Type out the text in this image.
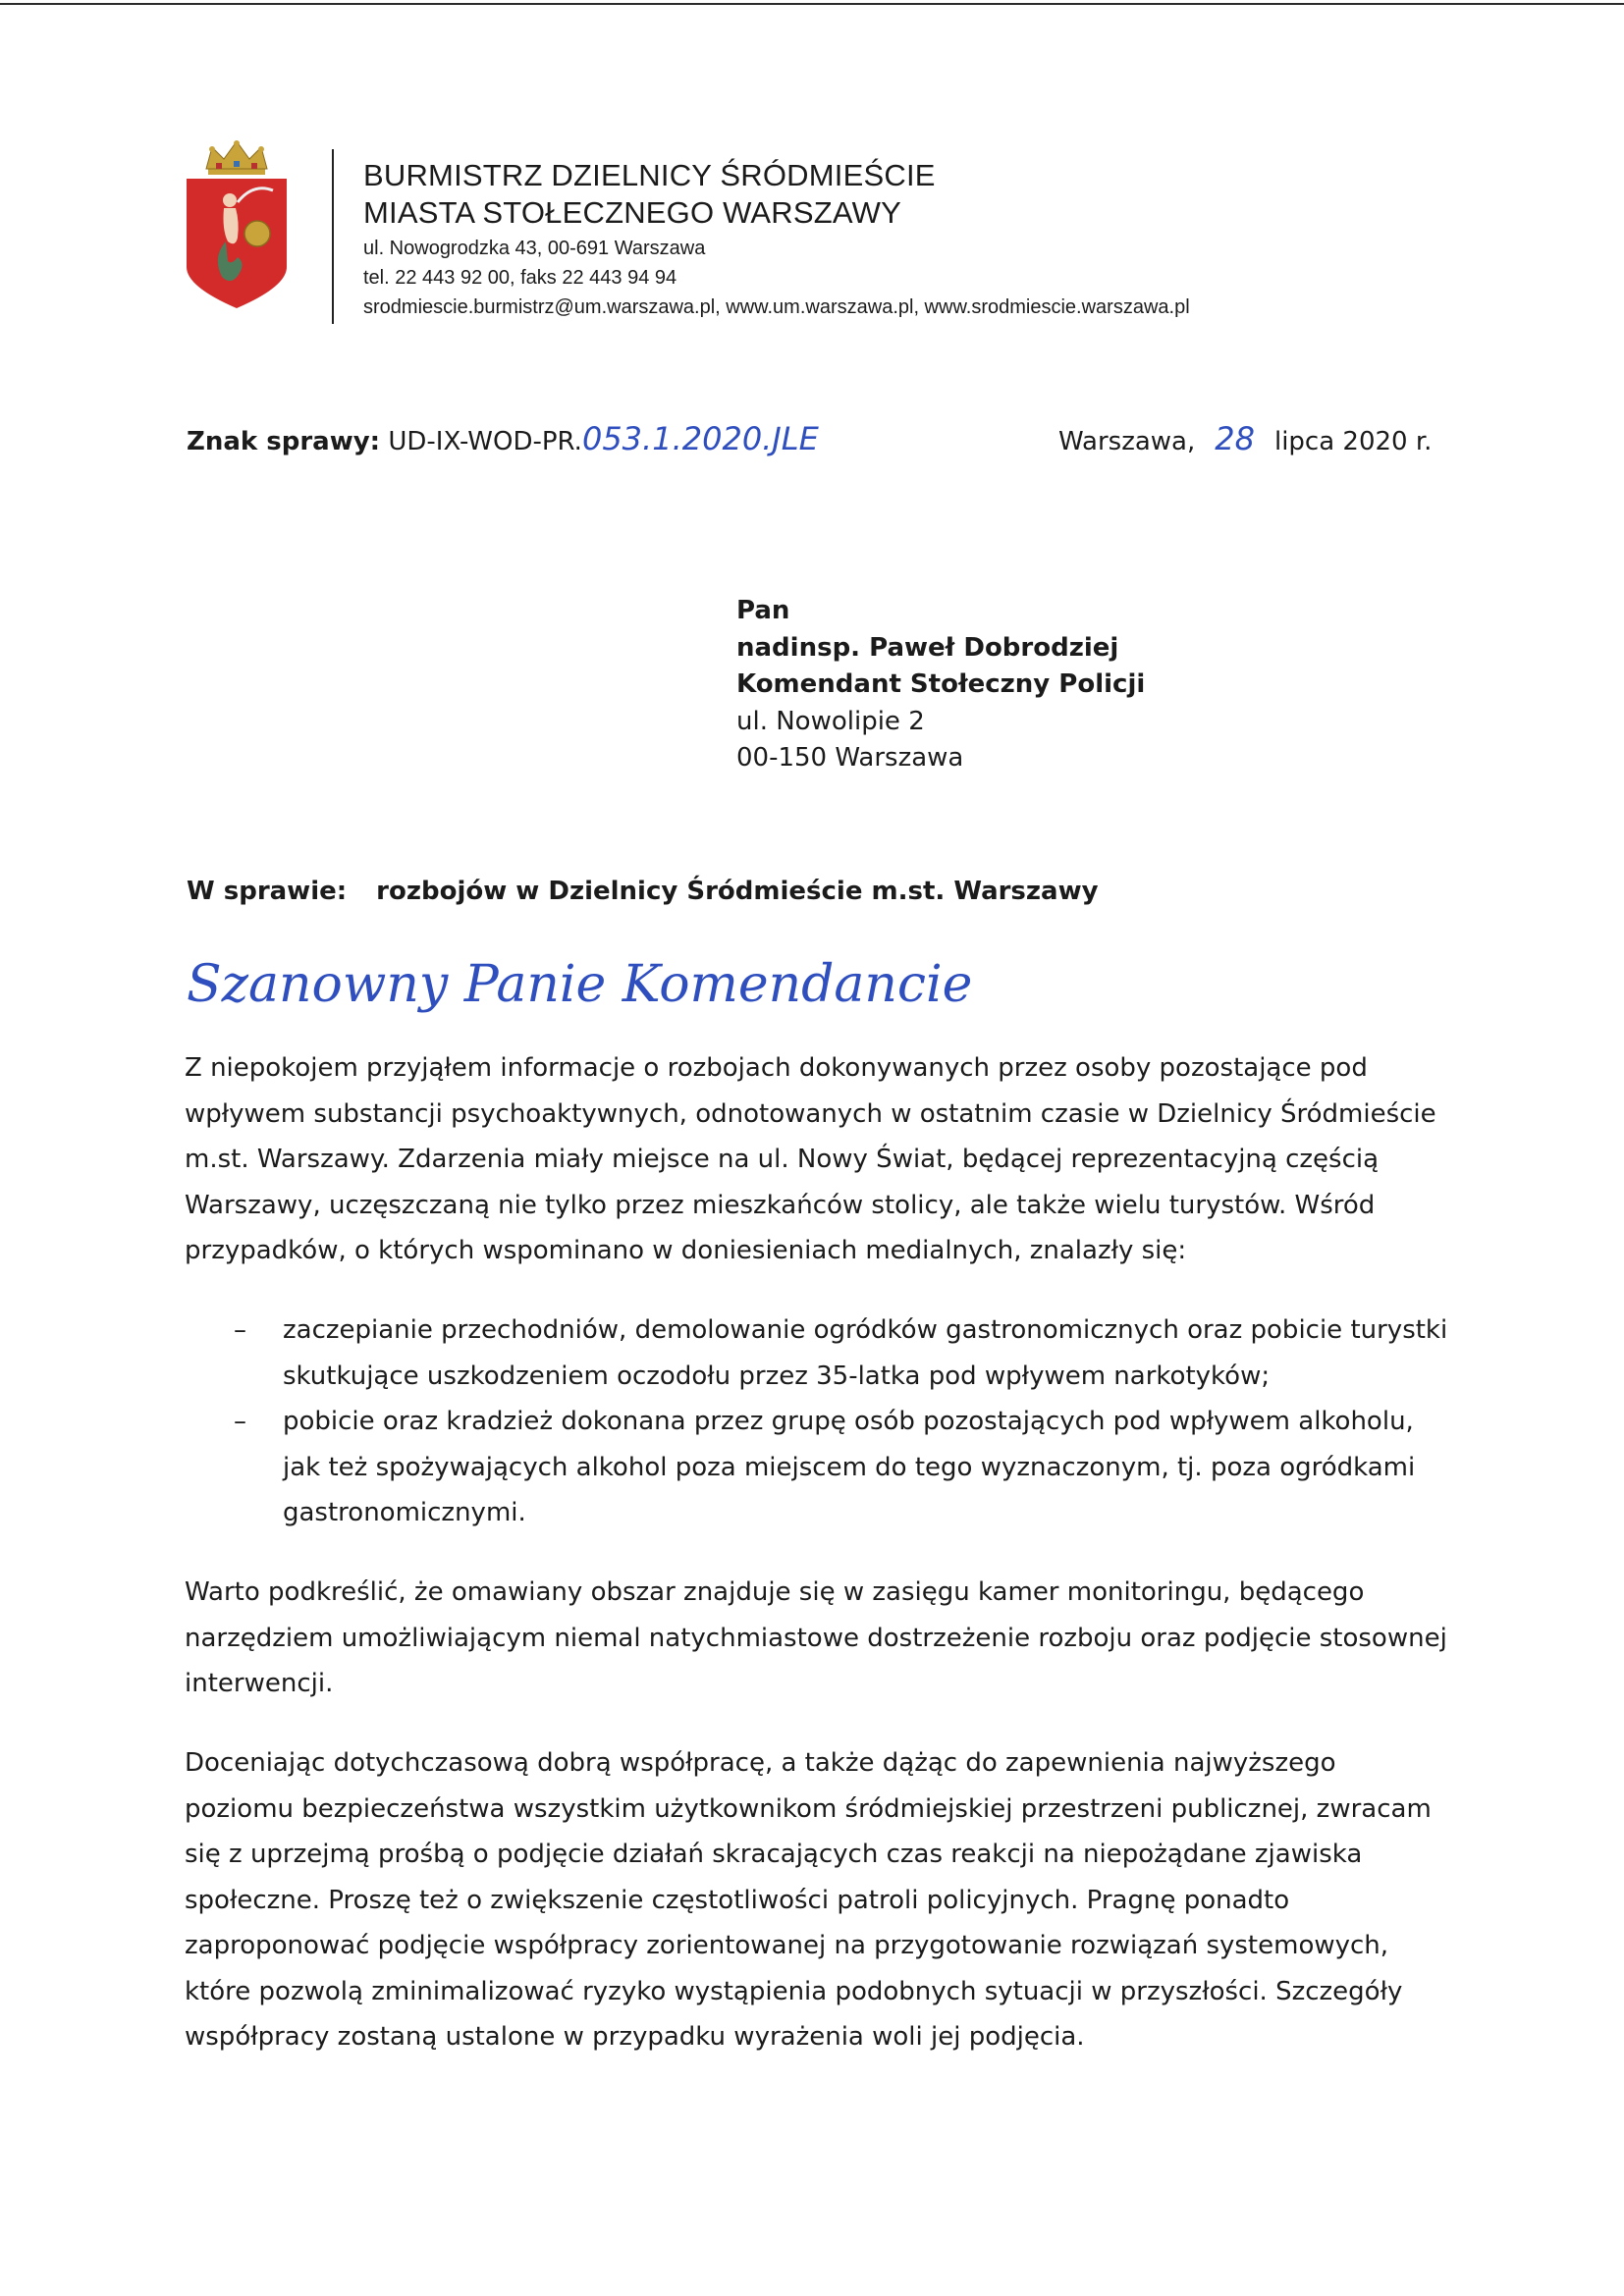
BURMISTRZ DZIELNICY ŚRÓDMIEŚCIE
MIASTA STOŁECZNEGO WARSZAWY
ul. Nowogrodzka 43, 00-691 Warszawa
tel. 22 443 92 00, faks 22 443 94 94
srodmiescie.burmistrz@um.warszawa.pl, www.um.warszawa.pl, www.srodmiescie.warszawa.pl
Znak sprawy: UD-IX-WOD-PR.053.1.2020.JLE	Warszawa, 28 lipca 2020 r.
Pan
nadinsp. Paweł Dobrodziej
Komendant Stołeczny Policji
ul. Nowolipie 2
00-150 Warszawa
W sprawie: rozbojów w Dzielnicy Śródmieście m.st. Warszawy
Szanowny Panie Komendancie
Z niepokojem przyjąłem informacje o rozbojach dokonywanych przez osoby pozostające pod wpływem substancji psychoaktywnych, odnotowanych w ostatnim czasie w Dzielnicy Śródmieście m.st. Warszawy. Zdarzenia miały miejsce na ul. Nowy Świat, będącej reprezentacyjną częścią Warszawy, uczęszczaną nie tylko przez mieszkańców stolicy, ale także wielu turystów. Wśród przypadków, o których wspominano w doniesieniach medialnych, znalazły się:
– zaczepianie przechodniów, demolowanie ogródków gastronomicznych oraz pobicie turystki skutkujące uszkodzeniem oczodołu przez 35-latka pod wpływem narkotyków;
– pobicie oraz kradzież dokonana przez grupę osób pozostających pod wpływem alkoholu, jak też spożywających alkohol poza miejscem do tego wyznaczonym, tj. poza ogródkami gastronomicznymi.
Warto podkreślić, że omawiany obszar znajduje się w zasięgu kamer monitoringu, będącego narzędziem umożliwiającym niemal natychmiastowe dostrzeżenie rozboju oraz podjęcie stosownej interwencji.
Doceniając dotychczasową dobrą współpracę, a także dążąc do zapewnienia najwyższego poziomu bezpieczeństwa wszystkim użytkownikom śródmiejskiej przestrzeni publicznej, zwracam się z uprzejmą prośbą o podjęcie działań skracających czas reakcji na niepożądane zjawiska społeczne. Proszę też o zwiększenie częstotliwości patroli policyjnych. Pragnę ponadto zaproponować podjęcie współpracy zorientowanej na przygotowanie rozwiązań systemowych, które pozwolą zminimalizować ryzyko wystąpienia podobnych sytuacji w przyszłości. Szczegóły współpracy zostaną ustalone w przypadku wyrażenia woli jej podjęcia.
